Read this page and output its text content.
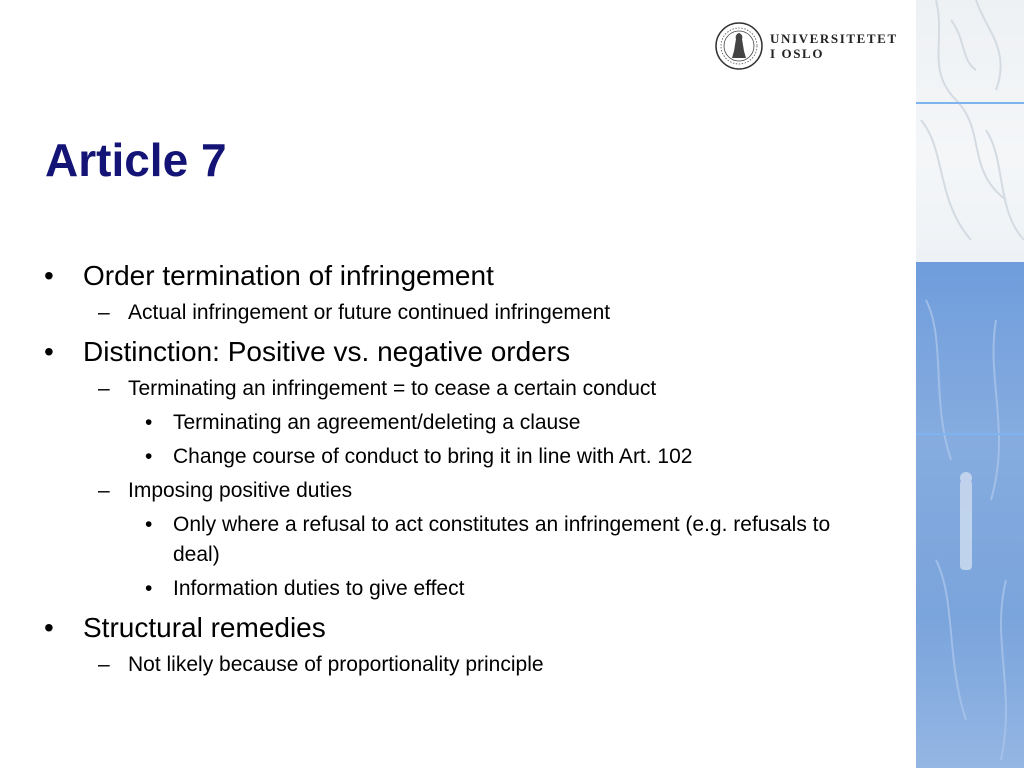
UNIVERSITETET
I OSLO
Article 7
• Order termination of infringement
– Actual infringement or future continued infringement
• Distinction: Positive vs. negative orders
– Terminating an infringement = to cease a certain conduct
• Terminating an agreement/deleting a clause
• Change course of conduct to bring it in line with Art. 102
– Imposing positive duties
• Only where a refusal to act constitutes an infringement (e.g. refusals to deal)
• Information duties to give effect
• Structural remedies
– Not likely because of proportionality principle
